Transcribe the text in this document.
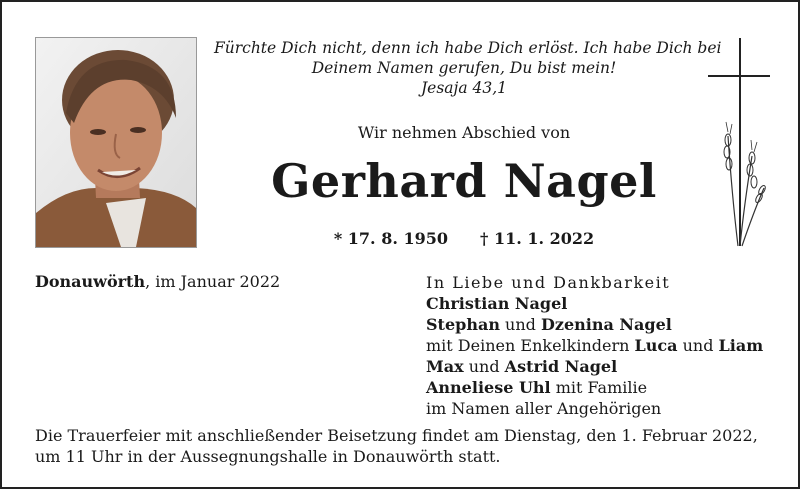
Fürchte Dich nicht, denn ich habe Dich erlöst. Ich habe Dich bei
Deinem Namen gerufen, Du bist mein!
Jesaja 43,1
Wir nehmen Abschied von
Gerhard Nagel
* 17. 8. 1950 † 11. 1. 2022
Donauwörth, im Januar 2022	In Liebe und Dankbarkeit
Christian Nagel
Stephan und Dzenina Nagel
mit Deinen Enkelkindern Luca und Liam
Max und Astrid Nagel
Anneliese Uhl mit Familie
im Namen aller Angehörigen
Die Trauerfeier mit anschließender Beisetzung findet am Dienstag, den 1. Februar 2022,
um 11 Uhr in der Aussegnungshalle in Donauwörth statt.
